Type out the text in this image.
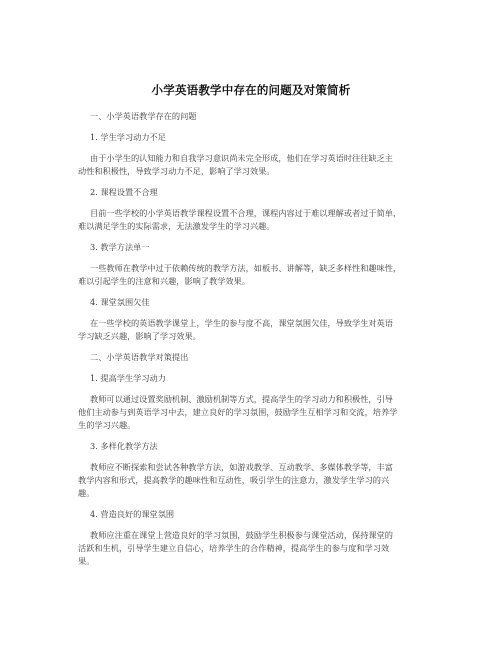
小学英语教学中存在的问题及对策简析
一、小学英语教学存在的问题
1. 学生学习动力不足
由于小学生的认知能力和自我学习意识尚未完全形成，他们在学习英语时往往缺乏主
动性和积极性，导致学习动力不足，影响了学习效果。
2. 课程设置不合理
目前一些学校的小学英语教学课程设置不合理，课程内容过于难以理解或者过于简单，
难以满足学生的实际需求，无法激发学生的学习兴趣。
3. 教学方法单一
一些教师在教学中过于依赖传统的教学方法，如板书、讲解等，缺乏多样性和趣味性，
难以引起学生的注意和兴趣，影响了教学效果。
4. 课堂氛围欠佳
在一些学校的英语教学课堂上，学生的参与度不高，课堂氛围欠佳，导致学生对英语
学习缺乏兴趣，影响了学习效果。
二、小学英语教学对策提出
1. 提高学生学习动力
教师可以通过设置奖励机制、激励机制等方式，提高学生的学习动力和积极性，引导
他们主动参与到英语学习中去，建立良好的学习氛围，鼓励学生互相学习和交流，培养学
生的学习兴趣。
3. 多样化教学方法
教师应不断探索和尝试各种教学方法，如游戏教学、互动教学、多媒体教学等，丰富
教学内容和形式，提高教学的趣味性和互动性，吸引学生的注意力，激发学生学习的兴
趣。
4. 营造良好的课堂氛围
教师应注重在课堂上营造良好的学习氛围，鼓励学生积极参与课堂活动，保持课堂的
活跃和生机，引导学生建立自信心，培养学生的合作精神，提高学生的参与度和学习效
果。
